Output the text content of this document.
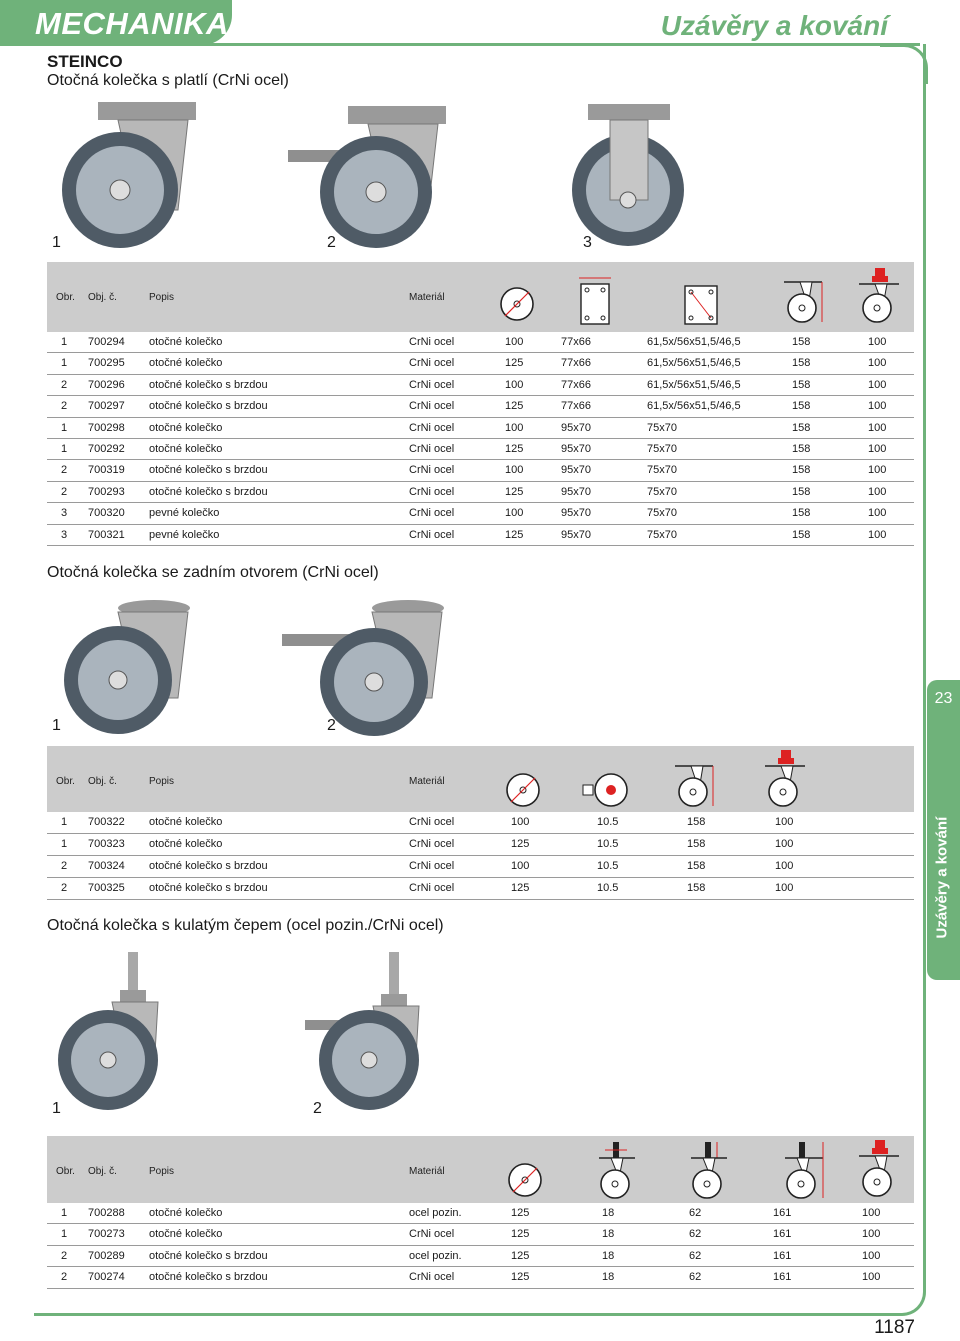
MECHANIKA	Uzávěry a kování
23
Uzávěry a kování
STEINCO
Otočná kolečka s platlí (CrNi ocel)
1	2	3
Obr. Obj. č.	Popis	Materiál
1 700294 otočné kolečko	CrNi ocel	100	77x66	61,5x/56x51,5/46,5	158	100
1 700295 otočné kolečko	CrNi ocel	125	77x66	61,5x/56x51,5/46,5	158	100
2 700296 otočné kolečko s brzdou	CrNi ocel	100	77x66	61,5x/56x51,5/46,5	158	100
2 700297 otočné kolečko s brzdou	CrNi ocel	125	77x66	61,5x/56x51,5/46,5	158	100
1 700298 otočné kolečko	CrNi ocel	100	95x70	75x70	158	100
1 700292 otočné kolečko	CrNi ocel	125	95x70	75x70	158	100
2 700319 otočné kolečko s brzdou	CrNi ocel	100	95x70	75x70	158	100
2 700293 otočné kolečko s brzdou	CrNi ocel	125	95x70	75x70	158	100
3 700320 pevné kolečko	CrNi ocel	100	95x70	75x70	158	100
3 700321 pevné kolečko	CrNi ocel	125	95x70	75x70	158	100
Otočná kolečka se zadním otvorem (CrNi ocel)
1	2
Obr. Obj. č.	Popis	Materiál
1 700322 otočné kolečko	CrNi ocel	100	10.5	158	100
1 700323 otočné kolečko	CrNi ocel	125	10.5	158	100
2 700324 otočné kolečko s brzdou	CrNi ocel	100	10.5	158	100
2 700325 otočné kolečko s brzdou	CrNi ocel	125	10.5	158	100
Otočná kolečka s kulatým čepem (ocel pozin./CrNi ocel)
1	2
Obr. Obj. č.	Popis	Materiál
1 700288 otočné kolečko	ocel pozin.	125	18	62	161	100
1 700273 otočné kolečko	CrNi ocel	125	18	62	161	100
2 700289 otočné kolečko s brzdou	ocel pozin.	125	18	62	161	100
2 700274 otočné kolečko s brzdou	CrNi ocel	125	18	62	161	100
1187
